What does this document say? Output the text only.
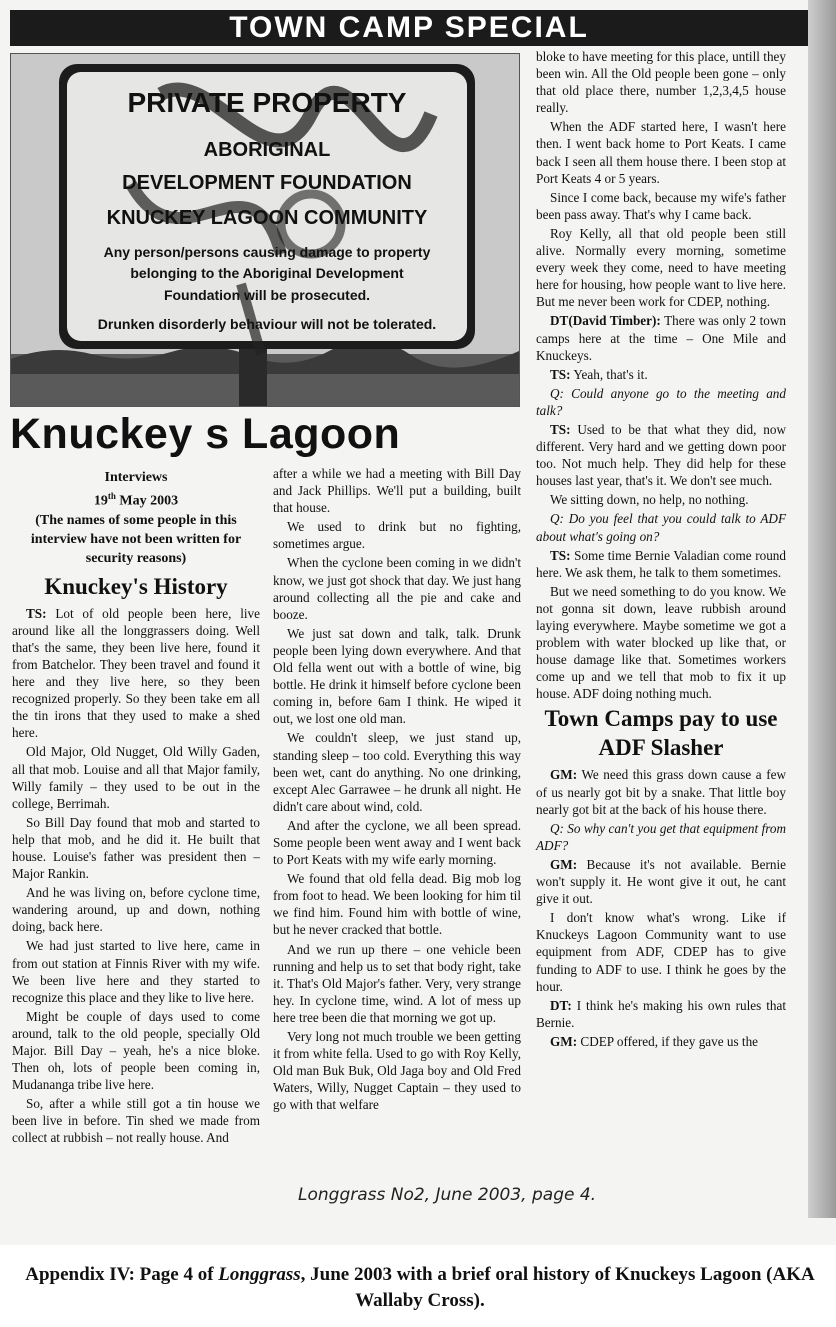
TOWN CAMP SPECIAL
PRIVATE PROPERTY
ABORIGINAL
DEVELOPMENT FOUNDATION
KNUCKEY LAGOON COMMUNITY
Any person/persons causing damage to property
belonging to the Aboriginal Development
Foundation will be prosecuted.
Drunken disorderly behaviour will not be tolerated.
Knuckey s Lagoon
Interviews
19th May 2003
(The names of some people in this interview have not been written for security reasons)
Knuckey's History

TS: Lot of old people been here, live around like all the longgrassers doing. Well that's the same, they been live here, found it from Batchelor. They been travel and found it here and they live here, so they been recognized properly. So they been take em all the tin irons that they used to make a shed here.

Old Major, Old Nugget, Old Willy Gaden, all that mob. Louise and all that Major family, Willy family – they used to be out in the college, Berrimah.

So Bill Day found that mob and started to help that mob, and he did it. He built that house. Louise's father was president then – Major Rankin.

And he was living on, before cyclone time, wandering around, up and down, nothing doing, back here.

We had just started to live here, came in from out station at Finnis River with my wife. We been live here and they started to recognize this place and they like to live here.

Might be couple of days used to come around, talk to the old people, specially Old Major. Bill Day – yeah, he's a nice bloke. Then oh, lots of people been coming in, Mudananga tribe live here.

So, after a while still got a tin house we been live in before. Tin shed we made from collect at rubbish – not really house. And

after a while we had a meeting with Bill Day and Jack Phillips. We'll put a building, built that house.

We used to drink but no fighting, sometimes argue.

When the cyclone been coming in we didn't know, we just got shock that day. We just hang around collecting all the pie and cake and booze.

We just sat down and talk, talk. Drunk people been lying down everywhere. And that Old fella went out with a bottle of wine, big bottle. He drink it himself before cyclone been coming in, before 6am I think. He wiped it out, we lost one old man.

We couldn't sleep, we just stand up, standing sleep – too cold. Everything this way been wet, cant do anything. No one drinking, except Alec Garrawee – he drunk all night. He didn't care about wind, cold.

And after the cyclone, we all been spread. Some people been went away and I went back to Port Keats with my wife early morning.

We found that old fella dead. Big mob log from foot to head. We been looking for him til we find him. Found him with bottle of wine, but he never cracked that bottle.

And we run up there – one vehicle been running and help us to set that body right, take it. That's Old Major's father. Very, very strange hey. In cyclone time, wind. A lot of mess up here tree been die that morning we got up.

Very long not much trouble we been getting it from white fella. Used to go with Roy Kelly, Old man Buk Buk, Old Jaga boy and Old Fred Waters, Willy, Nugget Captain – they used to go with that welfare

bloke to have meeting for this place, untill they been win. All the Old people been gone – only that old place there, number 1,2,3,4,5 house really.

When the ADF started here, I wasn't here then. I went back home to Port Keats. I came back I seen all them house there. I been stop at Port Keats 4 or 5 years.

Since I come back, because my wife's father been pass away. That's why I came back.

Roy Kelly, all that old people been still alive. Normally every morning, sometime every week they come, need to have meeting here for housing, how people want to live here. But me never been work for CDEP, nothing.

DT(David Timber): There was only 2 town camps here at the time – One Mile and Knuckeys.

TS: Yeah, that's it.

Q: Could anyone go to the meeting and talk?

TS: Used to be that what they did, now different. Very hard and we getting down poor too. Not much help. They did help for these houses last year, that's it. We don't see much.

We sitting down, no help, no nothing.

Q: Do you feel that you could talk to ADF about what's going on?

TS: Some time Bernie Valadian come round here. We ask them, he talk to them sometimes.

But we need something to do you know. We not gonna sit down, leave rubbish around laying everywhere. Maybe sometime we got a problem with water blocked up like that, or house damage like that. Sometimes workers come up and we tell that mob to fix it up house. ADF doing nothing much.

Town Camps pay to use ADF Slasher

GM: We need this grass down cause a few of us nearly got bit by a snake. That little boy nearly got bit at the back of his house there.

Q: So why can't you get that equipment from ADF?

GM: Because it's not available. Bernie won't supply it. He wont give it out, he cant give it out.

I don't know what's wrong. Like if Knuckeys Lagoon Community want to use equipment from ADF, CDEP has to give funding to ADF to use. I think he goes by the hour.

DT: I think he's making his own rules that Bernie.

GM: CDEP offered, if they gave us the

Longgrass No2, June 2003, page 4.
Appendix IV: Page 4 of Longgrass, June 2003 with a brief oral history of Knuckeys Lagoon (AKA Wallaby Cross).
